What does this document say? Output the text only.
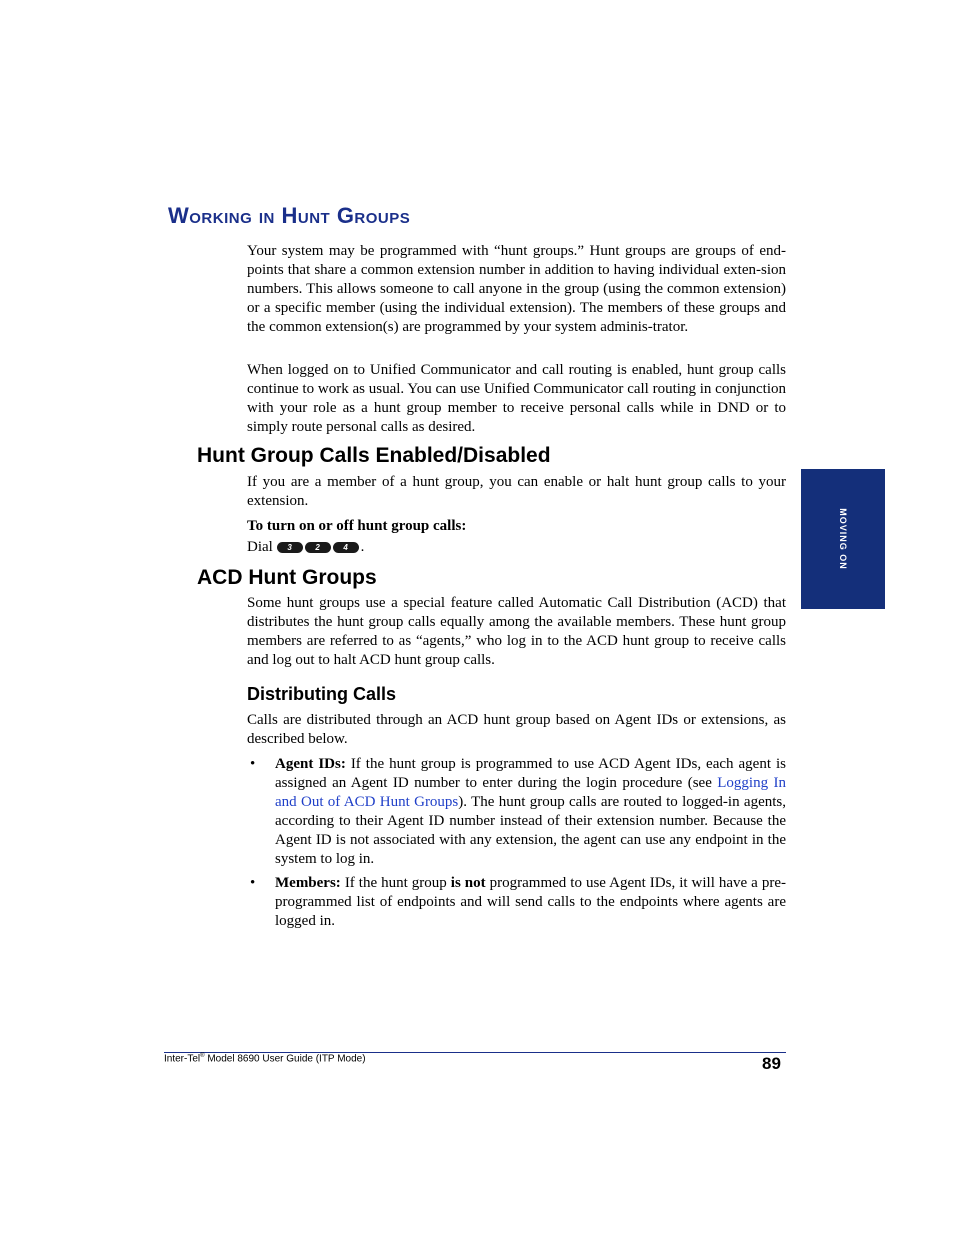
Working in Hunt Groups

Your system may be programmed with “hunt groups.” Hunt groups are groups of end-points that share a common extension number in addition to having individual exten-sion numbers. This allows someone to call anyone in the group (using the common extension) or a specific member (using the individual extension). The members of these groups and the common extension(s) are programmed by your system adminis-trator.

When logged on to Unified Communicator and call routing is enabled, hunt group calls continue to work as usual. You can use Unified Communicator call routing in conjunction with your role as a hunt group member to receive personal calls while in DND or to simply route personal calls as desired.

Hunt Group Calls Enabled/Disabled

If you are a member of a hunt group, you can enable or halt hunt group calls to your extension.

To turn on or off hunt group calls:

Dial 3	2	4 .
ACD Hunt Groups

Some hunt groups use a special feature called Automatic Call Distribution (ACD) that distributes the hunt group calls equally among the available members. These hunt group members are referred to as “agents,” who log in to the ACD hunt group to receive calls and log out to halt ACD hunt group calls.

Distributing Calls

Calls are distributed through an ACD hunt group based on Agent IDs or extensions, as described below.

• Agent IDs: If the hunt group is programmed to use ACD Agent IDs, each agent is assigned an Agent ID number to enter during the login procedure (see Logging In and Out of ACD Hunt Groups). The hunt group calls are routed to logged-in agents, according to their Agent ID number instead of their extension number. Because the Agent ID is not associated with any extension, the agent can use any endpoint in the system to log in.
• Members: If the hunt group is not programmed to use Agent IDs, it will have a pre-programmed list of endpoints and will send calls to the endpoints where agents are logged in.
MOVING ON
Inter-Tel® Model 8690 User Guide (ITP Mode)	89
